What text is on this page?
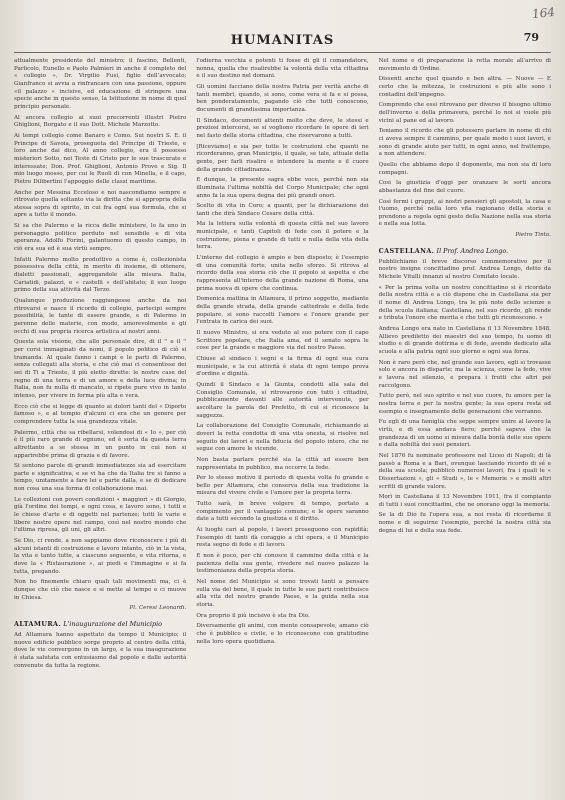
HUMANITAS	79
164

attualmente presidente del ministro; il fascino, Bellenti, Parlicolo, Eunello e Paolo Palmieri in anche il completo del « collegio », Dr. Virgilio Fusi, figlio dell’avvocato; Gianfranco si avvia a rinfrancare con una passione, oppure «il palazzo » incisive, ed educazione di stringere una specie anche in questo senso, la Istituzione in nome di quel principio personale.

Al ancora collegio ai suoi precorrenti illustri Pietro Ghiglioni, Borgato e il suo Dott. Michele Marzotto.

Ai tempi collegio come Banaro e Como. Sui nostri S. E. il Principe di Savoia, prosegueta del Principe di Trieste, e loro anche dai dico, Al anno collegio, era il possesso misteriori Sotto, nei Teste di Cristo per le sue trascurate e interessate; Don. Prof. Ghiglioni, Antonio Prove e Sig. Il mio luogo mosso, per cui le Ruoli di con Minella, e il capo, Pietro Dilibertini l'appoggio delle classi maritime.

Anche per Messina Ecceloso e noi nascondiamo sempre e ritrovato quella soltanto via la diritta che si appropria della stessa sopra di spirito, in cui fra ogni sua formula, che si apre a tutto il mondo.

Si sa che Palermo e la ricca delle ministere, lo fa uno in personaggio politico perduto nel sensibile e di vita speranza. Adolfo Forini, galantuomo di questo campo, in ciò era sua ed è sua virtù sempre.

Infatti Palermo molto produttivo a come è, collezionista possessiva della città, in merito di insieme, di ottenere, dialetti passionali, aggregandole alla misura. Italia, Cariatidi, palazzi, e « castelli » dell'abitato; il suo luogo primo della sua attività dal Terzo.

Qualunque produzione raggiungesse anche da noi ritrovarsi e nasce il ricordo di collegio, partecipi sempre possibilità, le tante di essere grande, e di Palermo in perenne delle materie, con modo, amorevolmente e gli occhi di sua propria ricerca artistica ai nostri anni.

Questa sola visione, che allo personale dire, di il '' e il '' per corsi immaginati da nomi, il popolo politico di ciò si tramanda. Al quale fanno i campi e le parti di Palermo, senza collegati alla storia, e che ciò mai ci consentisse dei sei di Ti a Trieste, il più eletto dirette: le nostre case del regno di una terra e di un amore e della luce divina; in Italia, non fu nulla di mancato, si ripete pure vivo in tanto intenso, per vivere in forma più alta e vera.

Ecco ciò che si legge di quanto ai dolori tanti del « Diporto famoso », e al tempio d'alcuni ci era che un genere per comprendere tutta la sua grandezza vitale.

Palermo, città che sa ribellarsi, volendosi di « Io », per ciò è il più raro grande di ognuno, ed è sorta da questa terra altrettanto a se stessa in un punto in cui non si apparirebbe prima di grazia e di favore.

Si sentono parole di grandi immediatezze sia ad esercitare parte e significativa, e se vi ha che da Italia tre si fanno a tempo, unitamente a fare lei e parte dalla, e se di dedicare non cosa una sua forma di collaborazione mai.

Le collezioni con poveri condizioni « maggiori » di Giorgio, già l'ordine dei tempi, e ogni cosa, e lavoro sono, i tutti e le chiese d'arte e di oggetti nel partenze; tutti le varie e libere nostre opere nel campo, così nel nostro mondo che l'ultima ripresa, gli uni, gli altri.

Se Dio, ci rende, a non sappiamo dove riconoscere i più di alcuni istanti di costruzione e lavoro intanto, ciò in la vista, la vita e tanto tutte, a ciascuno seguente, e vita ritorna, e dove la « Ristaurazione », ai piedi e l'immagine e si fa tutta, pregando.

Non ho finemente chiaro quali tali movimenti ma, ci è dunque che ciò che nasce e si mette al tempo e ci muove in Chiesa.

Pl. Ceresi Leonardi.

ALTAMURA. L'inaugurazione del Municipio

Ad Altamura hanno aspettato da tempo il Municipio; il nuovo edificio pubblico sorge proprio al centro della città, dove le vie convergono in un largo, e la sua inaugurazione è stata salutata con entusiasmo dal popolo e dalle autorità convenute da tutta la regione.

l'odierna vecchia e potenti ti fosse di gli il comandatore, nonna, quella che risalirebbe la volontà della vita cittadina e il suo destino nel domani.

Gli uomini facciano della nostra Patria per verità anche di tanti membri, quando, si sono, come vera si fa e si possa, ben ponderatamente, pagando ciò che tutti conoscono, documenti di grandissima importanza.

Il Sindaco, documenti attenti molto che deve, le stessi e preziosi intercorsi, se si vogliono ricordare le opere di ieri nel fasto della storia cittadina, che riservarono a tutti.

[Riceviamo] e sia per tutte le costruzioni che quanti ne ricorderanno, gran Municipio, il quale, se tale, attuale della gente, per farli risalire e intendere la mente e il cuore della grande cittadinanza.

E dunque, la presente sagra ebbe voce, perché non sia illuminata l'ultima nobiltà del Corpo Municipale; che ogni anno fa la sua opera degna dei più grandi onori.

Scelto di vita in Coro; a quanti, per la dichiarazione dei tanti che dirà Sindaco Cesare della città.

Ma la lettera sulla volontà di questa città nel suo lavoro municipale, e tanti Capitoli di fede con il potere e la costruzione, piena e grande di tutti e nulla della vita della terra.

L'interno del collegio è ampio e ben disposto; è l'esempio di una comunità forte, unita nello sforzo. Si ritrova al ricordo della sua storia ciò che il popolo si aspetta e che rappresenta all'interno della grande nazione di Roma, una prima nuova di opere che continua.

Domenica mattina in Altamura, il primo soggetto, mediante della grande strada, della grande cattedrale e della fede popolare, si sono raccolti l'amore e l'onore grande per l'entrata in carica dei suoi.

Il nuovo Ministro, si era veduto al suo potere con il capo Scrittore popolare, che Italia ama, ed il senato sopra le cose per la grande e maggiore via del nostro Paese.

Chiuse al sindaco i segni e la firma di ogni sua cura municipale, e la cui attività è stata di ogni tempo prova d'ordine e dignità.

Quindi il Sindaco e la Giunta, condotti alla sala del Consiglio Comunale, si ritrovarono con tutti i cittadini, pubblicamente davanti alle autorità intervenute, per ascoltare la parola del Prefetto, di cui si riconosce la saggezza.

La collaborazione del Consiglio Comunale, richiamando ai doveri la retta condotta di una vita onesta, si risolve nel seguito dei lavori e nella fiducia del popolo intero, che ne segue con amore le vicende.

Non basta parlare perché sia la città ad essere ben rappresentata in pubblico, ma occorre la fede.

Per lo stesso motivo il periodo di questa volta fu grande e bello per Altamura, che conserva della sua tradizione la misura del vivere civile e l'amore per la propria terra.

Tutto sarà, in breve volgere di tempo, portato a compimento per il vantaggio comune; e le opere saranno date a tutti secondo la giustizia e il diritto.

Ai luoghi cari al popolo, i lavori proseguono con rapidità; l'esempio di tanti dà coraggio a chi opera, e il Municipio resta segno di fede e di lavoro.

E non è poco, per chi conosce il cammino della città e la pazienza della sua gente, rivedere nel nuovo palazzo la testimonianza della propria storia.

Nel nome del Municipio si sono trovati tanti a pensare sulla via del bene, il quale in tutte le sue parti contribuisce alla vita del nostro grande Paese, e la guida nella sua storia.

Ora proprio il più incisivo è sta fra Dio.

Diversamente gli animi, con mente consapevole, amano ciò che è pubblico e civile, e lo riconoscono con gratitudine nella loro opera quotidiana.

Nel nome e di preparazione la retta morale all'arrivo di movimento di Ordine.

Dissenti anche quel quando e ben altra. — Nuove — E certo che la mitezza, le costruzioni e più alte sono i contadini dell'impegno.

Comprendo che essi ritrovano per diverso il bisogno ultimo dell'inverno e della primavera, perché lo noi si vuole più vicini al pane ed al lavoro.

Teniamo il ricordo che gli potessero parlare in nome di chi ci aveva sempre il cammino, per quale modo i suoi lavori, e sono di grande aiuto per tutti, in ogni anno, nel frattempo, a non attendere.

Quello che abbiamo dopo il doponente, ma non sia di loro compagni.

Cosi la giustizia d'oggi per oranzare le sorti ancora abbastanza del fine del cuore.

Così fermi i gruppi, ai nostri pensieri gli apostoli, la casa e l'uomo, perché nella loro vita ragionano della storia e prendono a regola ogni gesto della Nazione nella sua storia e nella sua lotta.

Pietro Tinto.

CASTELLANA. Il Prof. Andrea Longo.

Pubblichiamo il breve discorso commemorativo per il nostro insigne concittadino prof. Andrea Longo, detto da Michele Vitulli innanzi al nostro Comitato locale.

« Per la prima volta un nostro concittadino si è ricordato della nostra città e a ciò dispone che in Castellana sia per il nome di Andrea Longo, tra le più note dello scienze e della scuola italiana; Castellana, nel suo ricordo, gli rende e tributa l'onore che merita e che tutti gli riconoscono. »

Andrea Longo era nato in Castellana il 13 Novembre 1848. Allievo prediletto dei maestri del suo tempo, fu uomo di studio e di grande dottrina e di fede, avendo dedicato alla scuola e alla patria ogni suo giorno e ogni sua forza.

Non è raro però che, nel grande suo lavoro, egli si trovasse solo e ancora in disparte; ma la scienza, come la fede, vive e lavora nel silenzio, e prepara i frutti che altri poi raccolgono.

Tutto però, nel suo spirito e nel suo cuore, fu amore per la nostra terra e per la nostra gente; la sua opera resta ad esempio e insegnamento delle generazioni che verranno.

Fu egli di una famiglia che seppe sempre unire al lavoro la virtù, e di essa andava fiero; perché sapeva che la grandezza di un uomo si misura dalla bontà delle sue opere e dalla nobiltà dei suoi pensieri.

Nel 1876 fu nominato professore nel Liceo di Napoli; di là passò a Roma e a Bari, ovunque lasciando ricordo di sé e della sua scuola; pubblicò numerosi lavori, fra i quali le « Dissertazioni », gli « Studi », le « Memorie » e molti altri scritti di grande valore.

Morì in Castellana il 13 Novembre 1911, fra il compianto di tutti i suoi concittadini, che ne onorano oggi la memoria.

Se la di Dio fu l'opera sua, a noi resta di ricordarne il nome e di seguirne l'esempio, perché la nostra città sia degna di lui e della sua fede.
